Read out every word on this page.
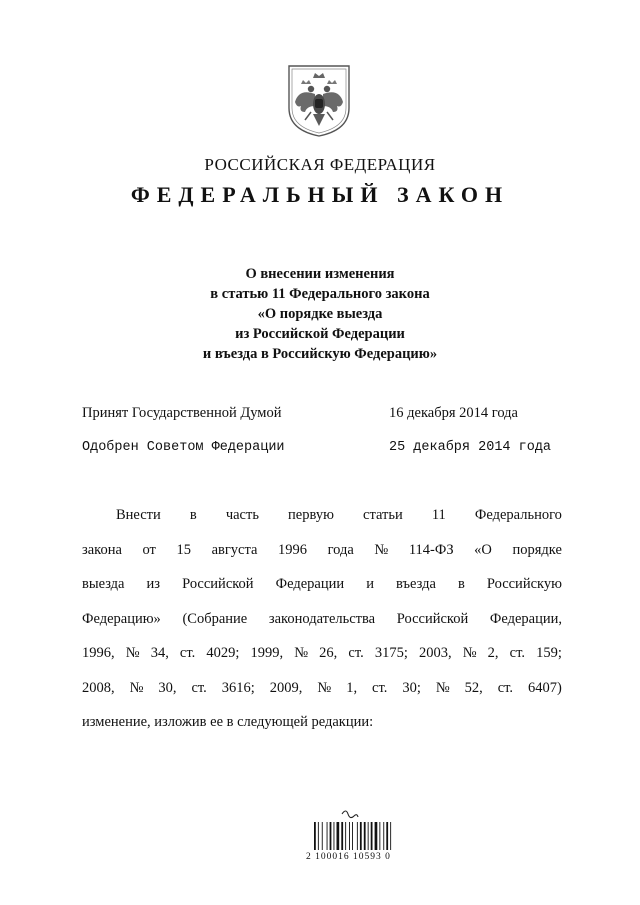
РОССИЙСКАЯ ФЕДЕРАЦИЯ
ФЕДЕРАЛЬНЫЙ ЗАКОН
О внесении изменения
в статью 11 Федерального закона
«О порядке выезда
из Российской Федерации
и въезда в Российскую Федерацию»
Принят Государственной Думой	16 декабря 2014 года
Одобрен Советом Федерации	25 декабря 2014 года
Внести в часть первую статьи 11 Федерального
закона от 15 августа 1996 года № 114-ФЗ «О порядке
выезда из Российской Федерации и въезда в Российскую
Федерацию» (Собрание законодательства Российской Федерации,
1996, № 34, ст. 4029; 1999, № 26, ст. 3175; 2003, № 2, ст. 159;
2008, № 30, ст. 3616; 2009, № 1, ст. 30; № 52, ст. 6407)
изменение, изложив ее в следующей редакции:
2 100016 10593 0
